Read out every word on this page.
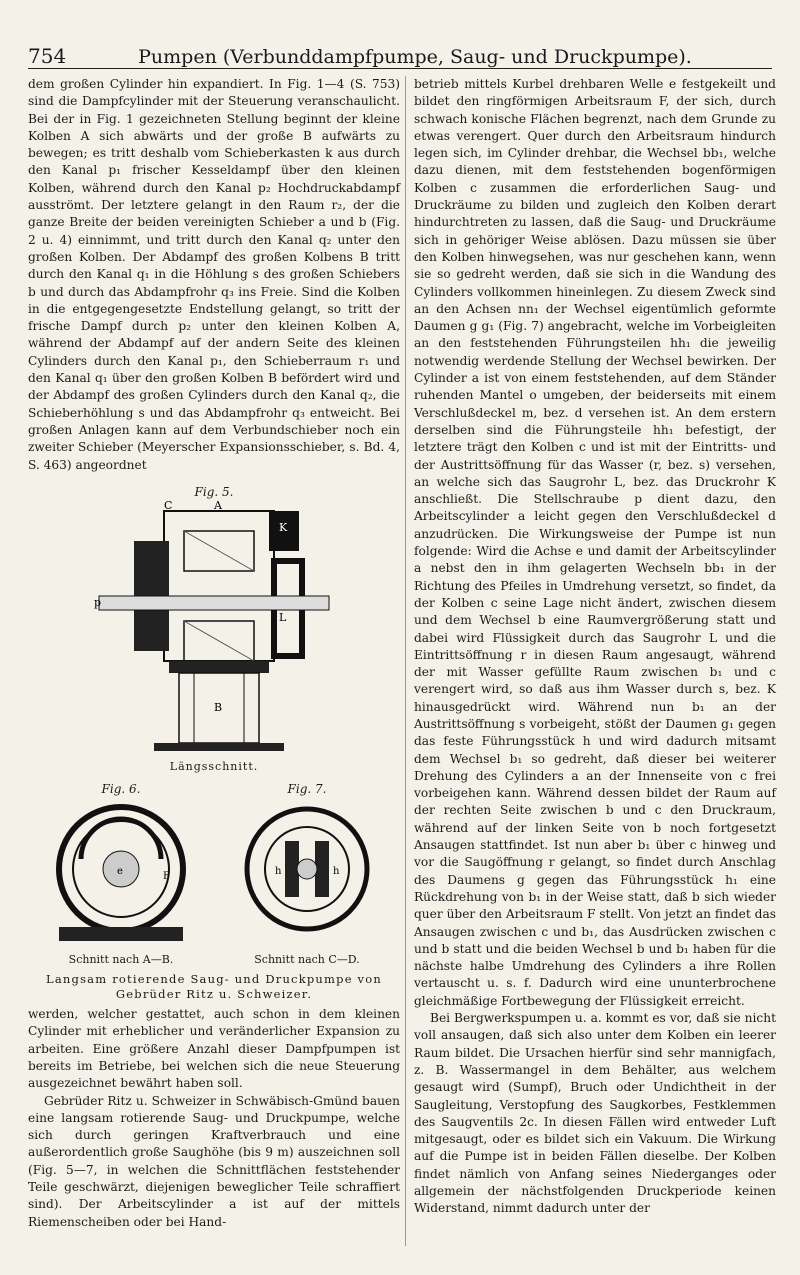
754	Pumpen (Verbunddampfpumpe, Saug- und Druckpumpe).

dem großen Cylinder hin expandiert. In Fig. 1—4 (S. 753) sind die Dampfcylinder mit der Steuerung veranschaulicht. Bei der in Fig. 1 gezeichneten Stellung beginnt der kleine Kolben A sich abwärts und der große B aufwärts zu bewegen; es tritt deshalb vom Schieberkasten k aus durch den Kanal p₁ frischer Kesseldampf über den kleinen Kolben, während durch den Kanal p₂ Hochdruckabdampf ausströmt. Der letztere gelangt in den Raum r₂, der die ganze Breite der beiden vereinigten Schieber a und b (Fig. 2 u. 4) einnimmt, und tritt durch den Kanal q₂ unter den großen Kolben. Der Abdampf des großen Kolbens B tritt durch den Kanal q₁ in die Höhlung s des großen Schiebers b und durch das Abdampfrohr q₃ ins Freie. Sind die Kolben in die entgegengesetzte Endstellung gelangt, so tritt der frische Dampf durch p₂ unter den kleinen Kolben A, während der Abdampf auf der andern Seite des kleinen Cylinders durch den Kanal p₁, den Schieberraum r₁ und den Kanal q₁ über den großen Kolben B befördert wird und der Abdampf des großen Cylinders durch den Kanal q₂, die Schieberhöhlung s und das Abdampfrohr q₃ entweicht. Bei großen Anlagen kann auf dem Verbundschieber noch ein zweiter Schieber (Meyerscher Expansionsschieber, s. Bd. 4, S. 463) angeordnet

Fig. 5.
C	A
K
L
B
p
Längsschnitt.
Fig. 6.
e	F
Schnitt nach A—B.
Fig. 7.
h	h
Schnitt nach C—D.
Langsam rotierende Saug- und Druckpumpe von Gebrüder Ritz u. Schweizer.

werden, welcher gestattet, auch schon in dem kleinen Cylinder mit erheblicher und veränderlicher Expansion zu arbeiten. Eine größere Anzahl dieser Dampfpumpen ist bereits im Betriebe, bei welchen sich die neue Steuerung ausgezeichnet bewährt haben soll.

Gebrüder Ritz u. Schweizer in Schwäbisch-Gmünd bauen eine langsam rotierende Saug- und Druckpumpe, welche sich durch geringen Kraftverbrauch und eine außerordentlich große Saughöhe (bis 9 m) auszeichnen soll (Fig. 5—7, in welchen die Schnittflächen feststehender Teile geschwärzt, diejenigen beweglicher Teile schraffiert sind). Der Arbeitscylinder a ist auf der mittels Riemenscheiben oder bei Hand-

betrieb mittels Kurbel drehbaren Welle e festgekeilt und bildet den ringförmigen Arbeitsraum F, der sich, durch schwach konische Flächen begrenzt, nach dem Grunde zu etwas verengert. Quer durch den Arbeitsraum hindurch legen sich, im Cylinder drehbar, die Wechsel bb₁, welche dazu dienen, mit dem feststehenden bogenförmigen Kolben c zusammen die erforderlichen Saug- und Druckräume zu bilden und zugleich den Kolben derart hindurchtreten zu lassen, daß die Saug- und Druckräume sich in gehöriger Weise ablösen. Dazu müssen sie über den Kolben hinwegsehen, was nur geschehen kann, wenn sie so gedreht werden, daß sie sich in die Wandung des Cylinders vollkommen hineinlegen. Zu diesem Zweck sind an den Achsen nn₁ der Wechsel eigentümlich geformte Daumen g g₁ (Fig. 7) angebracht, welche im Vorbeigleiten an den feststehenden Führungsteilen hh₁ die jeweilig notwendig werdende Stellung der Wechsel bewirken. Der Cylinder a ist von einem feststehenden, auf dem Ständer ruhenden Mantel o umgeben, der beiderseits mit einem Verschlußdeckel m, bez. d versehen ist. An dem erstern derselben sind die Führungsteile hh₁ befestigt, der letztere trägt den Kolben c und ist mit der Eintritts- und der Austrittsöffnung für das Wasser (r, bez. s) versehen, an welche sich das Saugrohr L, bez. das Druckrohr K anschließt. Die Stellschraube p dient dazu, den Arbeitscylinder a leicht gegen den Verschlußdeckel d anzudrücken. Die Wirkungsweise der Pumpe ist nun folgende: Wird die Achse e und damit der Arbeitscylinder a nebst den in ihm gelagerten Wechseln bb₁ in der Richtung des Pfeiles in Umdrehung versetzt, so findet, da der Kolben c seine Lage nicht ändert, zwischen diesem und dem Wechsel b eine Raumvergrößerung statt und dabei wird Flüssigkeit durch das Saugrohr L und die Eintrittsöffnung r in diesen Raum angesaugt, während der mit Wasser gefüllte Raum zwischen b₁ und c verengert wird, so daß aus ihm Wasser durch s, bez. K hinausgedrückt wird. Während nun b₁ an der Austrittsöffnung s vorbeigeht, stößt der Daumen g₁ gegen das feste Führungsstück h und wird dadurch mitsamt dem Wechsel b₁ so gedreht, daß dieser bei weiterer Drehung des Cylinders a an der Innenseite von c frei vorbeigehen kann. Während dessen bildet der Raum auf der rechten Seite zwischen b und c den Druckraum, während auf der linken Seite von b noch fortgesetzt Ansaugen stattfindet. Ist nun aber b₁ über c hinweg und vor die Saugöffnung r gelangt, so findet durch Anschlag des Daumens g gegen das Führungsstück h₁ eine Rückdrehung von b₁ in der Weise statt, daß b sich wieder quer über den Arbeitsraum F stellt. Von jetzt an findet das Ansaugen zwischen c und b₁, das Ausdrücken zwischen c und b statt und die beiden Wechsel b und b₁ haben für die nächste halbe Umdrehung des Cylinders a ihre Rollen vertauscht u. s. f. Dadurch wird eine ununterbrochene gleichmäßige Fortbewegung der Flüssigkeit erreicht.

Bei Bergwerkspumpen u. a. kommt es vor, daß sie nicht voll ansaugen, daß sich also unter dem Kolben ein leerer Raum bildet. Die Ursachen hierfür sind sehr mannigfach, z. B. Wassermangel in dem Behälter, aus welchem gesaugt wird (Sumpf), Bruch oder Undichtheit in der Saugleitung, Verstopfung des Saugkorbes, Festklemmen des Saugventils 2c. In diesen Fällen wird entweder Luft mitgesaugt, oder es bildet sich ein Vakuum. Die Wirkung auf die Pumpe ist in beiden Fällen dieselbe. Der Kolben findet nämlich von Anfang seines Niederganges oder allgemein der nächstfolgenden Druckperiode keinen Widerstand, nimmt dadurch unter der
